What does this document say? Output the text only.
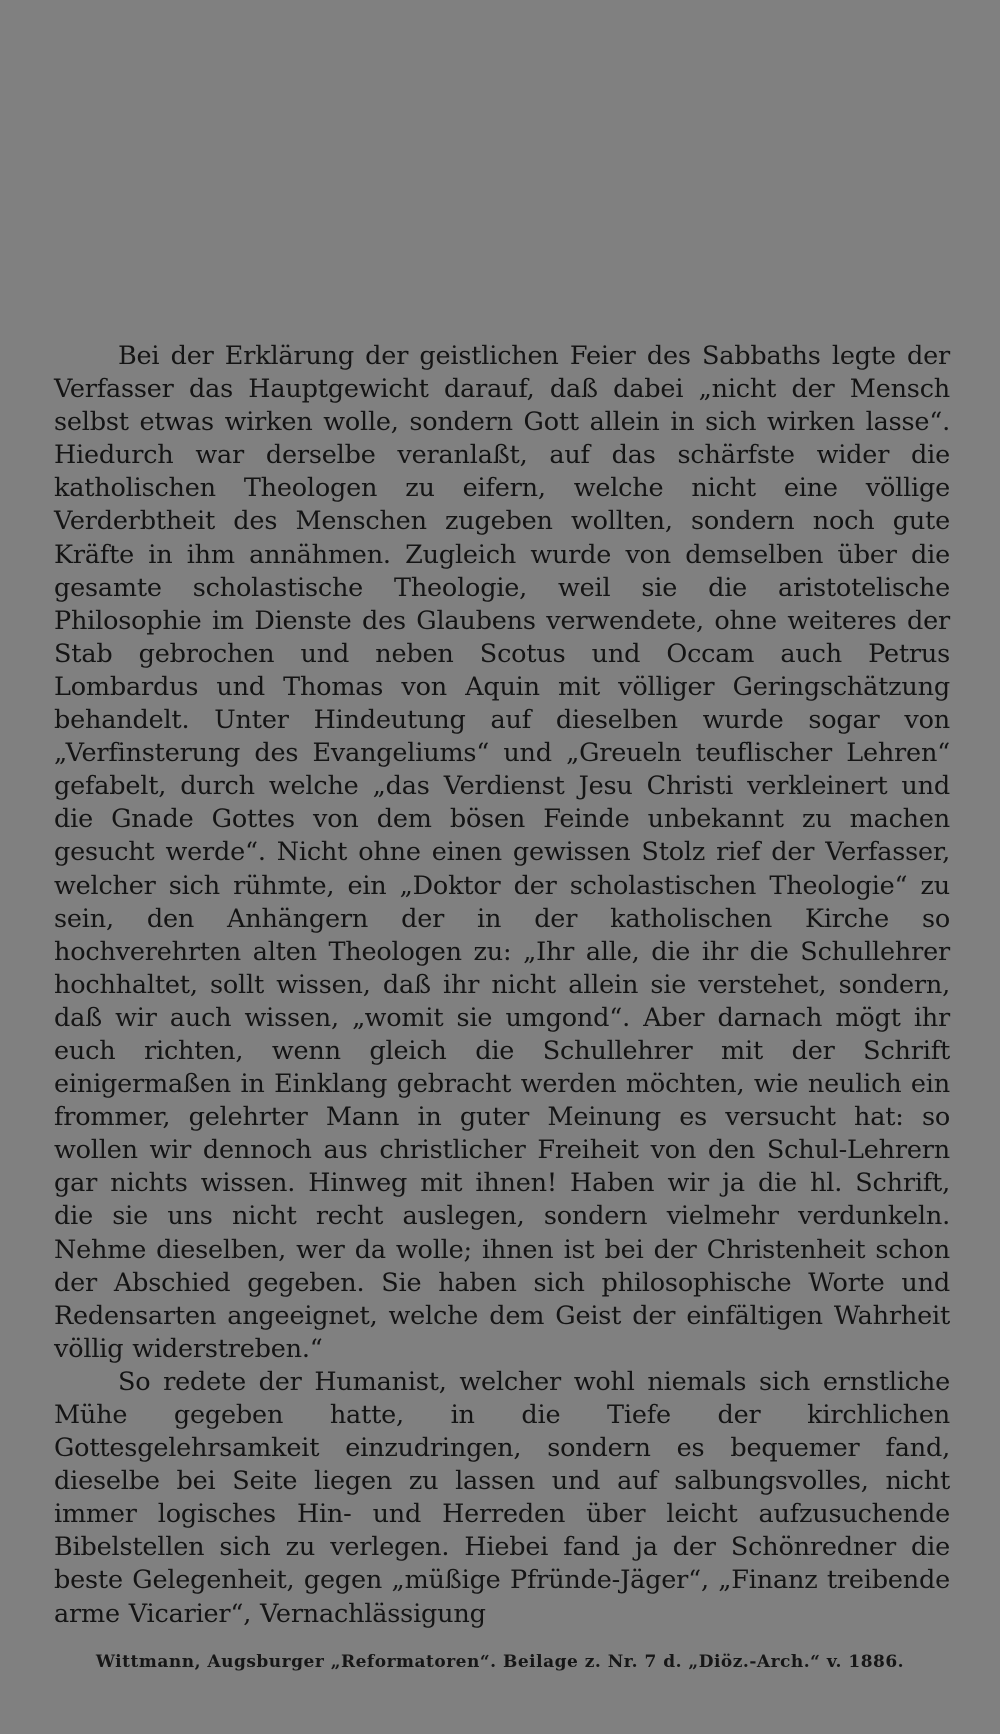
Bei der Erklärung der geistlichen Feier des Sabbaths legte der Verfasser das Hauptgewicht darauf, daß dabei „nicht der Mensch selbst etwas wirken wolle, sondern Gott allein in sich wirken lasse“. Hiedurch war derselbe veranlaßt, auf das schärfste wider die katholischen Theologen zu eifern, welche nicht eine völlige Verderbtheit des Menschen zugeben wollten, sondern noch gute Kräfte in ihm annähmen. Zugleich wurde von demselben über die gesamte scholastische Theologie, weil sie die aristotelische Philosophie im Dienste des Glaubens verwendete, ohne weiteres der Stab gebrochen und neben Scotus und Occam auch Petrus Lombardus und Thomas von Aquin mit völliger Geringschätzung behandelt. Unter Hindeutung auf dieselben wurde sogar von „Verfinsterung des Evangeliums“ und „Greueln teuflischer Lehren“ gefabelt, durch welche „das Verdienst Jesu Christi verkleinert und die Gnade Gottes von dem bösen Feinde unbekannt zu machen gesucht werde“. Nicht ohne einen gewissen Stolz rief der Verfasser, welcher sich rühmte, ein „Doktor der scholastischen Theologie“ zu sein, den Anhängern der in der katholischen Kirche so hochverehrten alten Theologen zu: „Ihr alle, die ihr die Schullehrer hochhaltet, sollt wissen, daß ihr nicht allein sie verstehet, sondern, daß wir auch wissen, „womit sie umgond“. Aber darnach mögt ihr euch richten, wenn gleich die Schullehrer mit der Schrift einigermaßen in Einklang gebracht werden möchten, wie neulich ein frommer, gelehrter Mann in guter Meinung es versucht hat: so wollen wir dennoch aus christlicher Freiheit von den Schul-Lehrern gar nichts wissen. Hinweg mit ihnen! Haben wir ja die hl. Schrift, die sie uns nicht recht auslegen, sondern vielmehr verdunkeln. Nehme dieselben, wer da wolle; ihnen ist bei der Christenheit schon der Abschied gegeben. Sie haben sich philosophische Worte und Redensarten angeeignet, welche dem Geist der einfältigen Wahrheit völlig widerstreben.“

So redete der Humanist, welcher wohl niemals sich ernstliche Mühe gegeben hatte, in die Tiefe der kirchlichen Gottesgelehrsamkeit einzudringen, sondern es bequemer fand, dieselbe bei Seite liegen zu lassen und auf salbungsvolles, nicht immer logisches Hin- und Herreden über leicht aufzusuchende Bibelstellen sich zu verlegen. Hiebei fand ja der Schönredner die beste Gelegenheit, gegen „müßige Pfründe-Jäger“, „Finanz treibende arme Vicarier“, Vernachlässigung

Wittmann, Augsburger „Reformatoren“. Beilage z. Nr. 7 d. „Diöz.-Arch.“ v. 1886.
